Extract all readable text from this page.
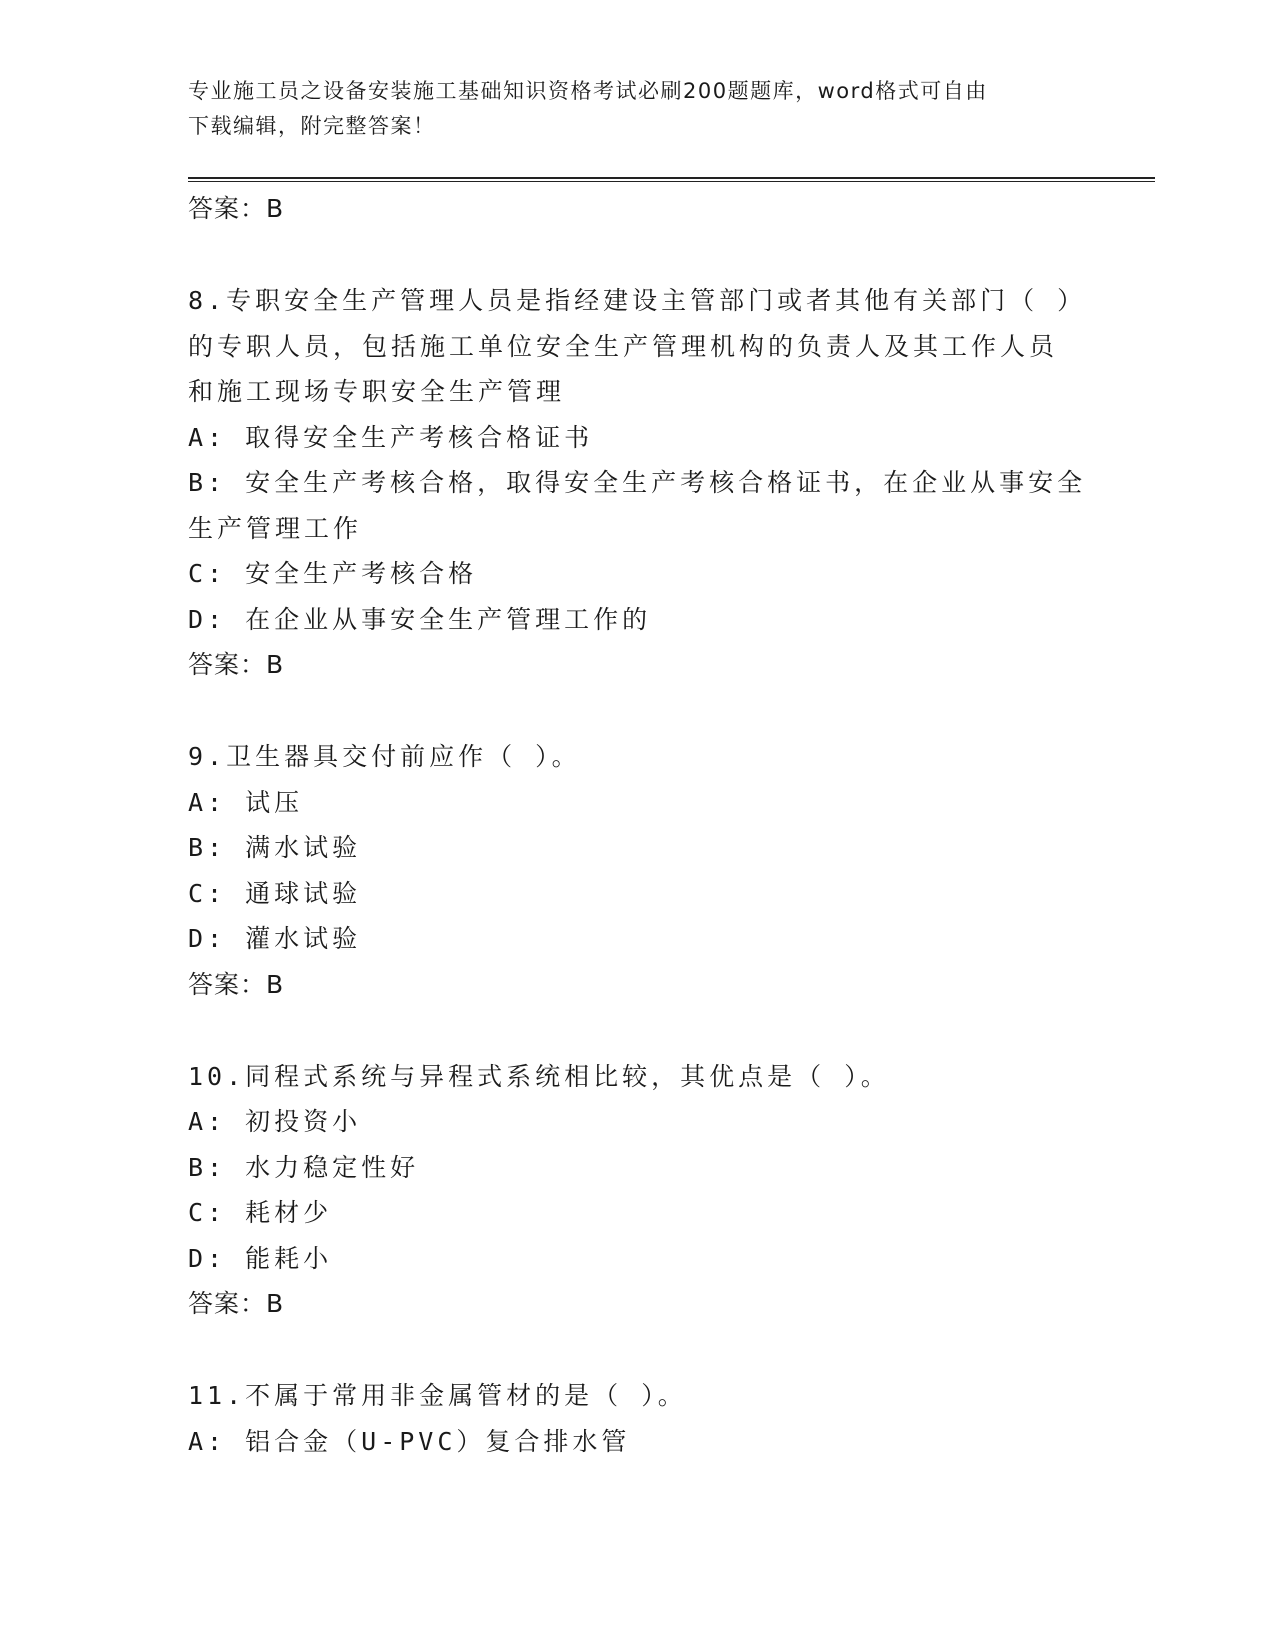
专业施工员之设备安装施工基础知识资格考试必刷200题题库，word格式可自由
下载编辑，附完整答案！
答案：B
8.专职安全生产管理人员是指经建设主管部门或者其他有关部门（ ）
的专职人员，包括施工单位安全生产管理机构的负责人及其工作人员
和施工现场专职安全生产管理
A: 取得安全生产考核合格证书
B: 安全生产考核合格，取得安全生产考核合格证书，在企业从事安全
生产管理工作
C: 安全生产考核合格
D: 在企业从事安全生产管理工作的
答案：B
9.卫生器具交付前应作（ ）。
A: 试压
B: 满水试验
C: 通球试验
D: 灌水试验
答案：B
10.同程式系统与异程式系统相比较，其优点是（ ）。
A: 初投资小
B: 水力稳定性好
C: 耗材少
D: 能耗小
答案：B
11.不属于常用非金属管材的是（ ）。
A: 铝合金（U-PVC）复合排水管
